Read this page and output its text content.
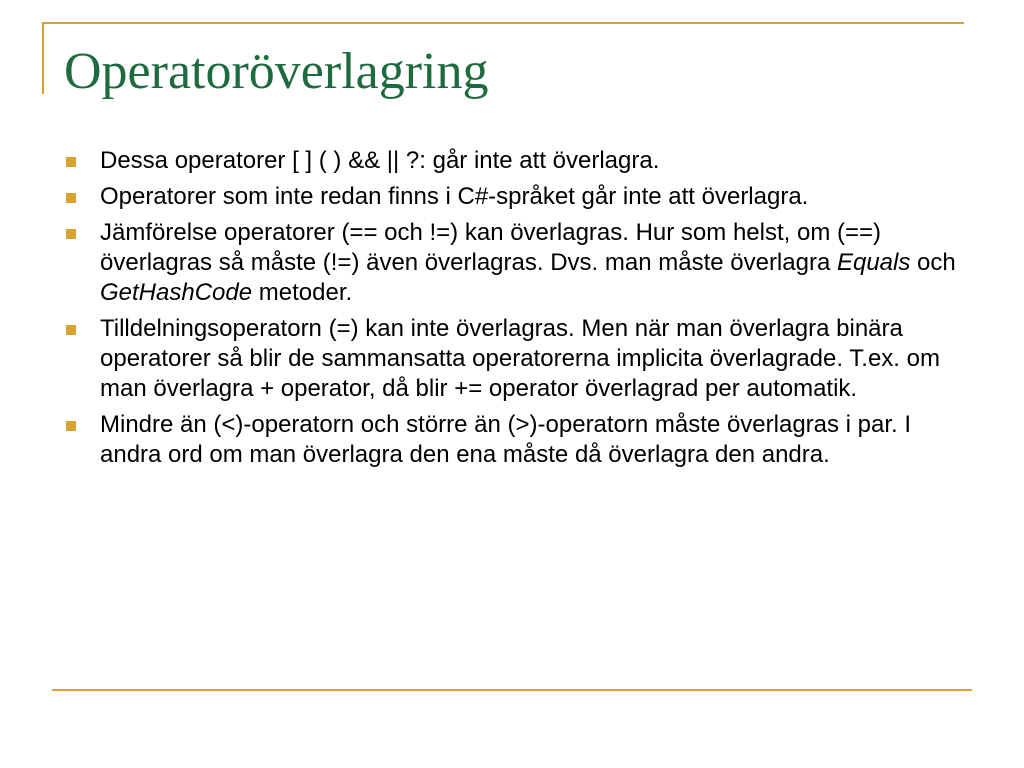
Operatoröverlagring
Dessa operatorer [ ] ( ) && || ?: går inte att överlagra.
Operatorer som inte redan finns i C#-språket går inte att överlagra.
Jämförelse operatorer (== och !=) kan överlagras. Hur som helst, om (==) överlagras så måste (!=) även överlagras. Dvs. man måste överlagra Equals och GetHashCode metoder.
Tilldelningsoperatorn (=) kan inte överlagras. Men när man överlagra binära operatorer så blir de sammansatta operatorerna implicita överlagrade. T.ex. om man överlagra + operator, då blir += operator överlagrad per automatik.
Mindre än (<)-operatorn och större än (>)-operatorn måste överlagras i par. I andra ord om man överlagra den ena måste då överlagra den andra.
